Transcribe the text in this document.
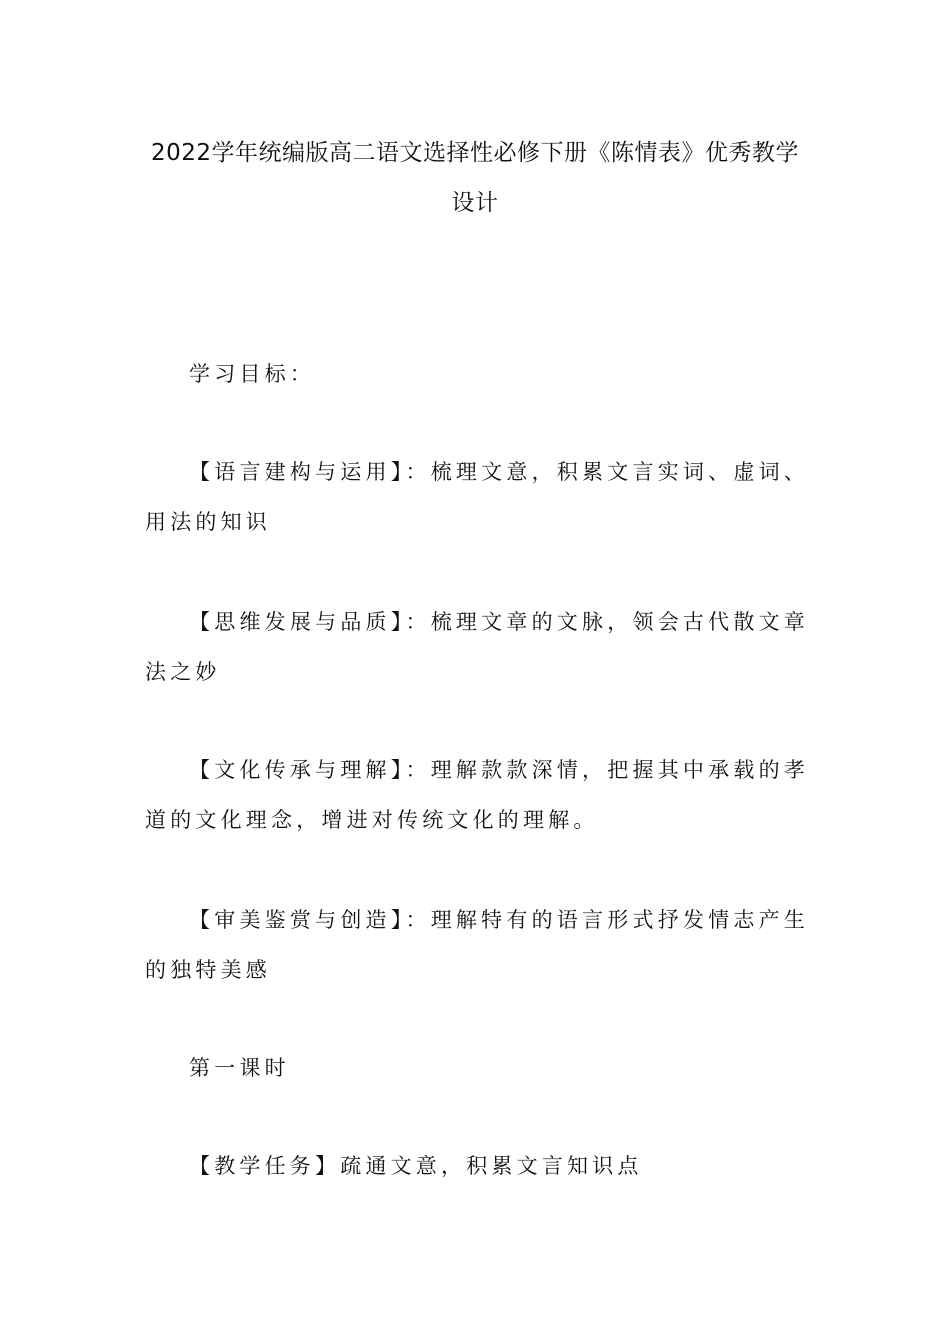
2022学年统编版高二语文选择性必修下册《陈情表》优秀教学设计

学习目标：

【语言建构与运用】：梳理文意，积累文言实词、虚词、用法的知识

【思维发展与品质】：梳理文章的文脉，领会古代散文章法之妙

【文化传承与理解】：理解款款深情，把握其中承载的孝道的文化理念，增进对传统文化的理解。

【审美鉴赏与创造】：理解特有的语言形式抒发情志产生的独特美感

第一课时

【教学任务】疏通文意，积累文言知识点
